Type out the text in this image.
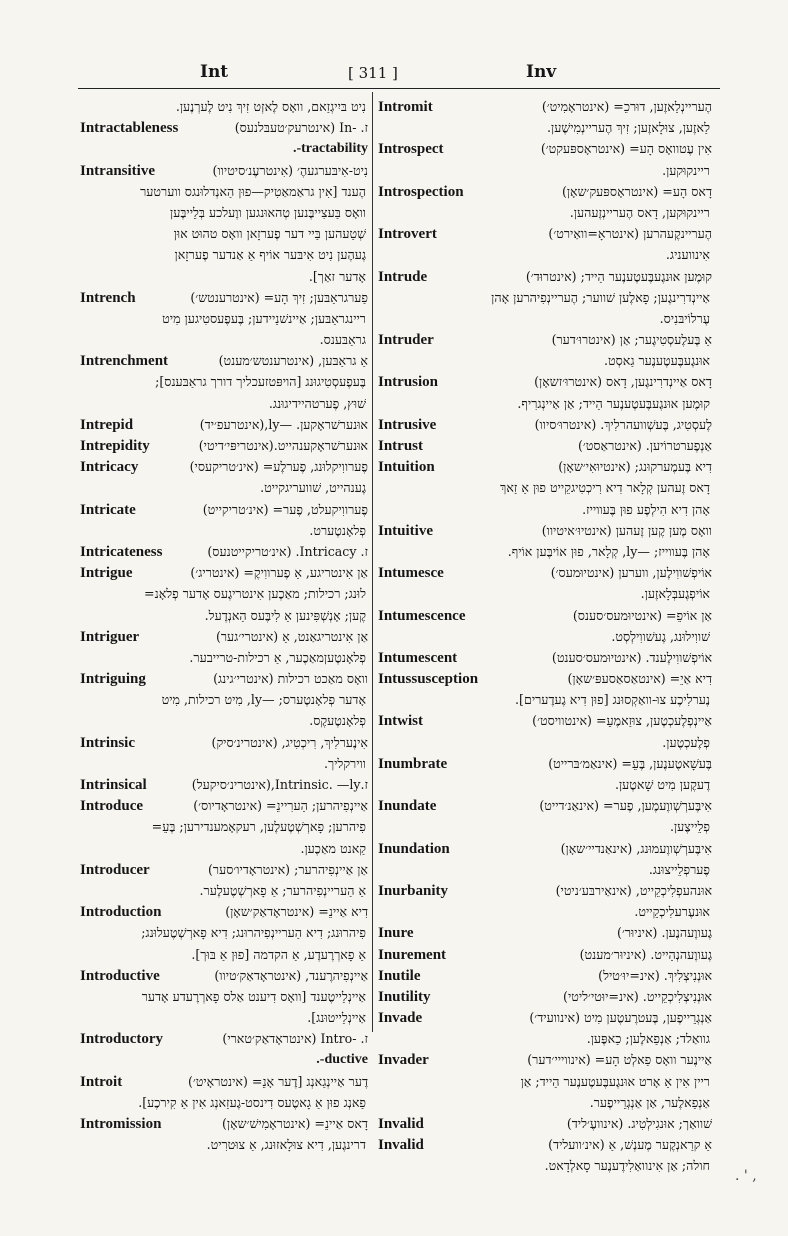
Int	[ 311 ]	Inv
נִיט בּיִיגְזַאם, וואָס לֶאזְט זִיךְ נִיט לֶערְנֶען.
Intractableness	ז. -In (אינטרעק׳טעבּלנעס)
.-tractability
Intransitive	נִיט-אִיבּערגעהֶ׳ (אִינטרעֶנ׳סיטיוו)
הֶענד [אִין גראַמאַטִיק—פוּן הַאנְדלוּנגס ווערטער
וואָס בַּעצִייבֶּנען טְהאוּנגען ווֶעלכע בְּלֵייבֶּען
שְׁטַעהען בַּיי דער פֶערזָאן וואָס טהוּט אוּן
גֶעהֶען נִיט אִיבּער אוֹיף אַ אַנדער פֶערזָאן
אָדער זאַך].
Intrench	פַערגראַבּען; זִיךְ הָע= (אינטרענטש׳)
ריינגראַבּען; אַיינשׁנַיידען; בֶּעפֶעסטִיגען מִיט
גראַבּענס.
Intrenchment	אַ גראַבּען, (אינטרענטש׳מענט)
בֶּעפֶעסְטִיגוּנג [הויפּטזעכליך דורך גראַבּענס];
שׁוּץ, פֶערטהיידיגוּנג.
Intrepid	אוּנערשׁראָקען. —ly,(אינטרעפ׳יד)
Intrepidity	אוּנערשׁראָקענהייט.(אינטריפּי׳דיטי)
Intricacy	פֶערווִיקלוּנג, פֶערלֶע= (אינ׳טריקעסי)
גֶענהייט, שׁוועריגקייט.
Intricate	פֶערווִיקעלט, פֶער= (אינ׳טריקייט)
פְלאָנטֶערט.
Intricateness	ז. Intricacy. (אינ׳טריקייטנעס)
Intrigue	אַן אִינטריגע, אַ פֶערווִיקֶ= (אינטריג׳)
לוּנג; רכילות; מאַכֶען אִינטריגֶעס אָדער פְלאָנ=
קֶען; אָנְשְׁפִּינען אַ לִיבֶּעס הַאנְדֶעל.
Intriguer	אַן אִינטריגאַנט, אַ (אינטרי׳גער)
פְלאָנטֶעןמאַכֶער, אַ רכילות-טרייבער.
Intriguing	וואָס מאַכט רכילות (אינטרי׳גינג)
אָדער פְלאָנטֶערס; —ly, מִיט רכילות, מִיט
פְלאָנטֶעקֶס.
Intrinsic	אִינֶערלִיךְ, רִיכְטִיג, (אינטרינ׳סיק)
ווירקליך.
Intrinsical	ז.Intrinsic. —ly,(אינטרינ׳סיקעל)
Introduce	אַיינְפִיהרען; הַערִיינֵ= (אינטראָדיוס׳)
פִיהרען; פָארְשְׁטֶעלֶען, רעקאָמענדירען; בֶּעֵ=
קַאנט מאַכֶען.
Introducer	אַן אַיינְפִיהרער; (אינטראָדיו׳סער)
אַ הַעריינְפִיהרער; אַ פָארְשְׁטֶעלֶער.
Introduction	דִיא אַיינֵ= (אינטראָדאַק׳שאָן)
פִיהרוּנג; דִיא הַעריינְפִיהרוּנג; דִיא פָארְשְׁטֶעלוּנג;
אַ פָארְרֶעדֶע, אַ הקדמה [פוּן אַ בּוּך].
Introductive	אַיינְפִיהרֶענד, (אינטראָדאַק׳טיוו)
אַיינְלַייטֶענד [וואָס דִיענט אַלס פָארְרֶעדע אָדער
אַיינְלַייטוּנג].
Introductory	ז. -Intro (אינטראָדאַק׳טארי)
.-ductive
Introit	דֶער אַיינְגַאנְג [דֶער אָנֵ= (אינטראָיט׳)
פַאנְג פוּן אַ גָאטֶעס דִינסט-גֶעזַאנְג אִין אַ קִירכֶע].
Intromission	דָאס אַיינֵ= (אינטראָמִישׁ׳שאָן)
דרינגֶען, דִיא צוּלָאזוּנג, אַ צוּטרִיט.
Intromit	הֶעריינְלַאזֶען, דוּרכֵ= (אינטראָמִיט׳)
לַאזֶען, צוּלָאזֶען; זִיךְ הֶעריינְמִישֶׁען.
Introspect	אִין עֶטוואָס הָע= (אינטראָספּעקט׳)
ריינקוּקען.
Introspection	דָאס הָע= (אינטראָספּעק׳שאָן)
ריינקוּקען, דָאס הֶעריינְזֶעהען.
Introvert	הֶעריינקֶעהרען (אינטראָ=וואַירט׳)
אִינוועניג.
Intrude	קוּמֶען אוּנגֶעבֶּעטֶענֶער הַייד; (אינטרוּד׳)
אַיינְדרִינגֶען; פָאלֶען שׁווער; הֶעריינְפִיהרען אָהן
עֶרלוֹיבּנִיס.
Intruder	אַ בֶּעלֶעסְטִיגֶער; אַן (אינטרוּ׳דער)
אוּנגֶעבֶּעטֶענֶער גַאסְט.
Intrusion	דָאס אַיינְדרִינגֶען, דָאס (אינטרוּ׳זשאָן)
קוּמֶען אוּנגֶעבֶּעטֶענֶער הַייד; אַן אַיינְגרִיף.
Intrusive	לֶעסְטִיג, בֶּעשְׁוועהרלִיךְ. (אינטרוּ׳סיוו)
Intrust	אַנְפֶערטרוֹיען. (אינטראַסט׳)
Intuition	דִיא בֶּעמֶערקוּנג; (אינטיוּאִי׳שאָן)
דָאס זֶעהען קְלָאר דִיא רִיכְטִיגקֵייט פוּן אַ זַאךְ
אָהן דִיא הִילְפֶע פוּן בֶּעווייז.
Intuitive	וואָס מֶען קֶען זֶעהען (אינטיוּ׳איטיוו)
אָהן בֶּעווייז; —ly, קְלָאר, פוּן אוֹיבֶּען אוֹיף.
Intumesce	אוֹיפְשׁווִילֶען, ווערען (אינטיוּמעס׳)
אוֹיפְגֶעבְּלָאזֶען.
Intumescence	אַן אוֹיפֵ= (אינטיוּמעס׳סענס)
שׁווִילוּנג, גֶעשׁווִילְסְט.
Intumescent	אוֹיפְשׁווִילֶענד. (אינטיוּמעס׳סענט)
Intussusception	דִיא אַיֵ= (אינטאַסאַסעפּ׳שאָן)
נֶערלִיכֶע צוּ-וואַקְסוּנג [פוּן דִיא גֶעדֶערים].
Intwist	אַיינְפְלֶעכְטֶען, צוּזַאמֶעֵ= (אינטוויסט׳)
פְלֶעכְטֶען.
Inumbrate	בֶּעשָׁאטֶענֶען, בֶּעֵ= (אינאַמ׳בּרייט)
דֶעקֶען מִיט שָׁאטֶען.
Inundate	אִיבֶּערְשְׁווֶעמֶען, פֶער= (אינאַנ׳דייט)
פְלֵייצֶען.
Inundation	אִיבֶּערְשְׁווֶעמוּנג, (אינאַנדיי׳שאָן)
פֶערפְלֵייצוּנג.
Inurbanity	אוּנהעפְלִיכְקֵייט, (אינאַירבּע׳ניטי)
אוּנעֶרעלִיכְקֵייט.
Inure	גֶעווֶעהנֶען. (איניוּר׳)
Inurement	גֶעווֶעהנְהַייט. (איניוּר׳מענט)
Inutile	אוּנְנִיצְלִיךְ. (אינ=יוּ׳טיל)
Inutility	אוּנְנִיצְלִיכְקֵייט. (אינ=יוּטי׳ליטי)
Invade	אַנְגְרֵייפֶען, בֶּעטרֶעטֶען מִיט (אינוועיד׳)
גוואַלד; אַנְפַאלֶען; כַאפֶּען.
Invader	אַיינֶער וואָס פַאלְט הָע= (אינווייי׳דער)
ריין אִין אַ אָרט אוּנגֶעבֶּעטֶענֶער הַייד; אַן
אַנְפַאלֶער, אַן אַנְגְרֵייפֶער.
Invalid	שׁוואַך; אוּנגִילְטִיג. (אינוועֶ׳ליד)
Invalid	אַ קרַאנְקֶער מֶענְשׁ, אַ (אינ׳וועליד)
חולה; אַן אִינוואַלִידֶענֶער סָאלְדָאט.
. ' ,
